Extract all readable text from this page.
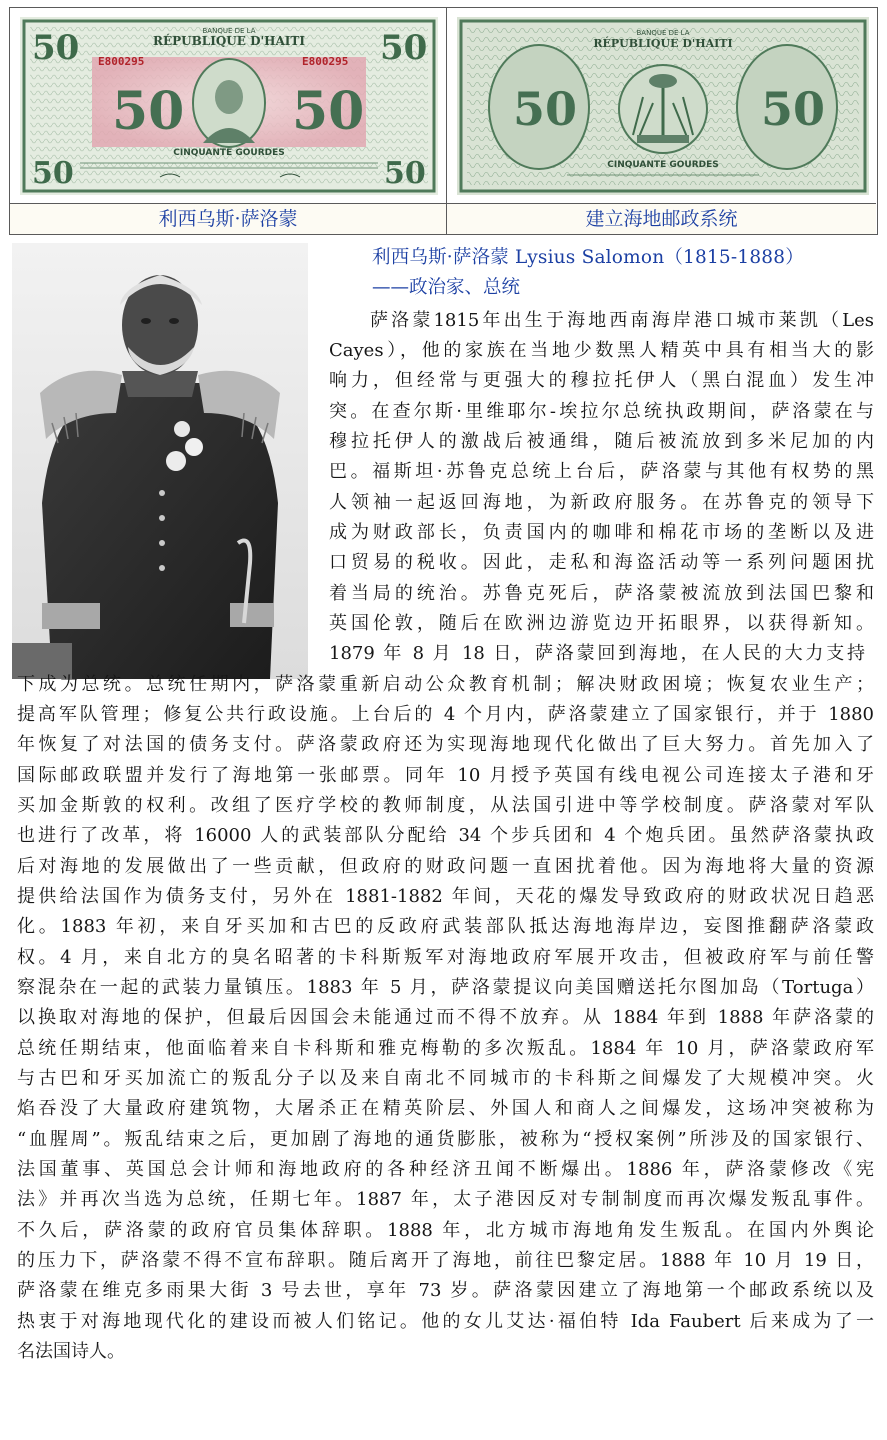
50	50
50	50
BANQUE DE LA
RÉPUBLIQUE D'HAITI
E800295	E800295
50 50
CINQUANTE GOURDES
50	50
BANQUE DE LA
RÉPUBLIQUE D'HAITI
CINQUANTE GOURDES
利西乌斯·萨洛蒙	建立海地邮政系统
利西乌斯·萨洛蒙 Lysius Salomon（1815-1888）
——政治家、总统
萨洛蒙1815年出生于海地西南海岸港口城市莱凯（Les
Cayes），他的家族在当地少数黑人精英中具有相当大的影
响力，但经常与更强大的穆拉托伊人（黑白混血）发生冲
突。在查尔斯·里维耶尔-埃拉尔总统执政期间，萨洛蒙在与
穆拉托伊人的激战后被通缉，随后被流放到多米尼加的内
巴。福斯坦·苏鲁克总统上台后，萨洛蒙与其他有权势的黑
人领袖一起返回海地，为新政府服务。在苏鲁克的领导下
成为财政部长，负责国内的咖啡和棉花市场的垄断以及进
口贸易的税收。因此，走私和海盗活动等一系列问题困扰
着当局的统治。苏鲁克死后，萨洛蒙被流放到法国巴黎和
英国伦敦，随后在欧洲边游览边开拓眼界，以获得新知。
1879 年 8 月 18 日，萨洛蒙回到海地，在人民的大力支持
下成为总统。总统任期内，萨洛蒙重新启动公众教育机制；解决财政困境；恢复农业生产；
提高军队管理；修复公共行政设施。上台后的 4 个月内，萨洛蒙建立了国家银行，并于 1880
年恢复了对法国的债务支付。萨洛蒙政府还为实现海地现代化做出了巨大努力。首先加入了
国际邮政联盟并发行了海地第一张邮票。同年 10 月授予英国有线电视公司连接太子港和牙
买加金斯敦的权利。改组了医疗学校的教师制度，从法国引进中等学校制度。萨洛蒙对军队
也进行了改革，将 16000 人的武装部队分配给 34 个步兵团和 4 个炮兵团。虽然萨洛蒙执政
后对海地的发展做出了一些贡献，但政府的财政问题一直困扰着他。因为海地将大量的资源
提供给法国作为债务支付，另外在 1881-1882 年间，天花的爆发导致政府的财政状况日趋恶
化。1883 年初，来自牙买加和古巴的反政府武装部队抵达海地海岸边，妄图推翻萨洛蒙政
权。4 月，来自北方的臭名昭著的卡科斯叛军对海地政府军展开攻击，但被政府军与前任警
察混杂在一起的武装力量镇压。1883 年 5 月，萨洛蒙提议向美国赠送托尔图加岛（Tortuga）
以换取对海地的保护，但最后因国会未能通过而不得不放弃。从 1884 年到 1888 年萨洛蒙的
总统任期结束，他面临着来自卡科斯和雅克梅勒的多次叛乱。1884 年 10 月，萨洛蒙政府军
与古巴和牙买加流亡的叛乱分子以及来自南北不同城市的卡科斯之间爆发了大规模冲突。火
焰吞没了大量政府建筑物，大屠杀正在精英阶层、外国人和商人之间爆发，这场冲突被称为
“血腥周”。叛乱结束之后，更加剧了海地的通货膨胀，被称为“授权案例”所涉及的国家银行、
法国董事、英国总会计师和海地政府的各种经济丑闻不断爆出。1886 年，萨洛蒙修改《宪
法》并再次当选为总统，任期七年。1887 年，太子港因反对专制制度而再次爆发叛乱事件。
不久后，萨洛蒙的政府官员集体辞职。1888 年，北方城市海地角发生叛乱。在国内外舆论
的压力下，萨洛蒙不得不宣布辞职。随后离开了海地，前往巴黎定居。1888 年 10 月 19 日，
萨洛蒙在维克多雨果大街 3 号去世，享年 73 岁。萨洛蒙因建立了海地第一个邮政系统以及
热衷于对海地现代化的建设而被人们铭记。他的女儿艾达·福伯特 Ida Faubert 后来成为了一
名法国诗人。
